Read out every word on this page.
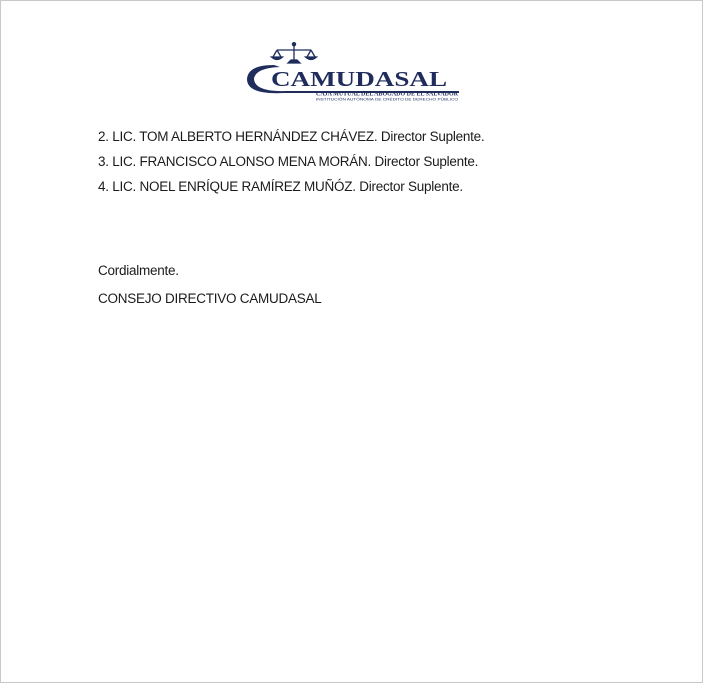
CAMUDASAL
CAJA MUTUAL DEL ABOGADO DE EL SALVADOR
INSTITUCIÓN AUTÓNOMA DE CRÉDITO DE DERECHO PÚBLICO
2. LIC. TOM ALBERTO HERNÁNDEZ CHÁVEZ. Director Suplente.
3. LIC. FRANCISCO ALONSO MENA MORÁN. Director Suplente.
4. LIC. NOEL ENRÍQUE RAMÍREZ MUÑÓZ. Director Suplente.
Cordialmente.
CONSEJO DIRECTIVO CAMUDASAL
